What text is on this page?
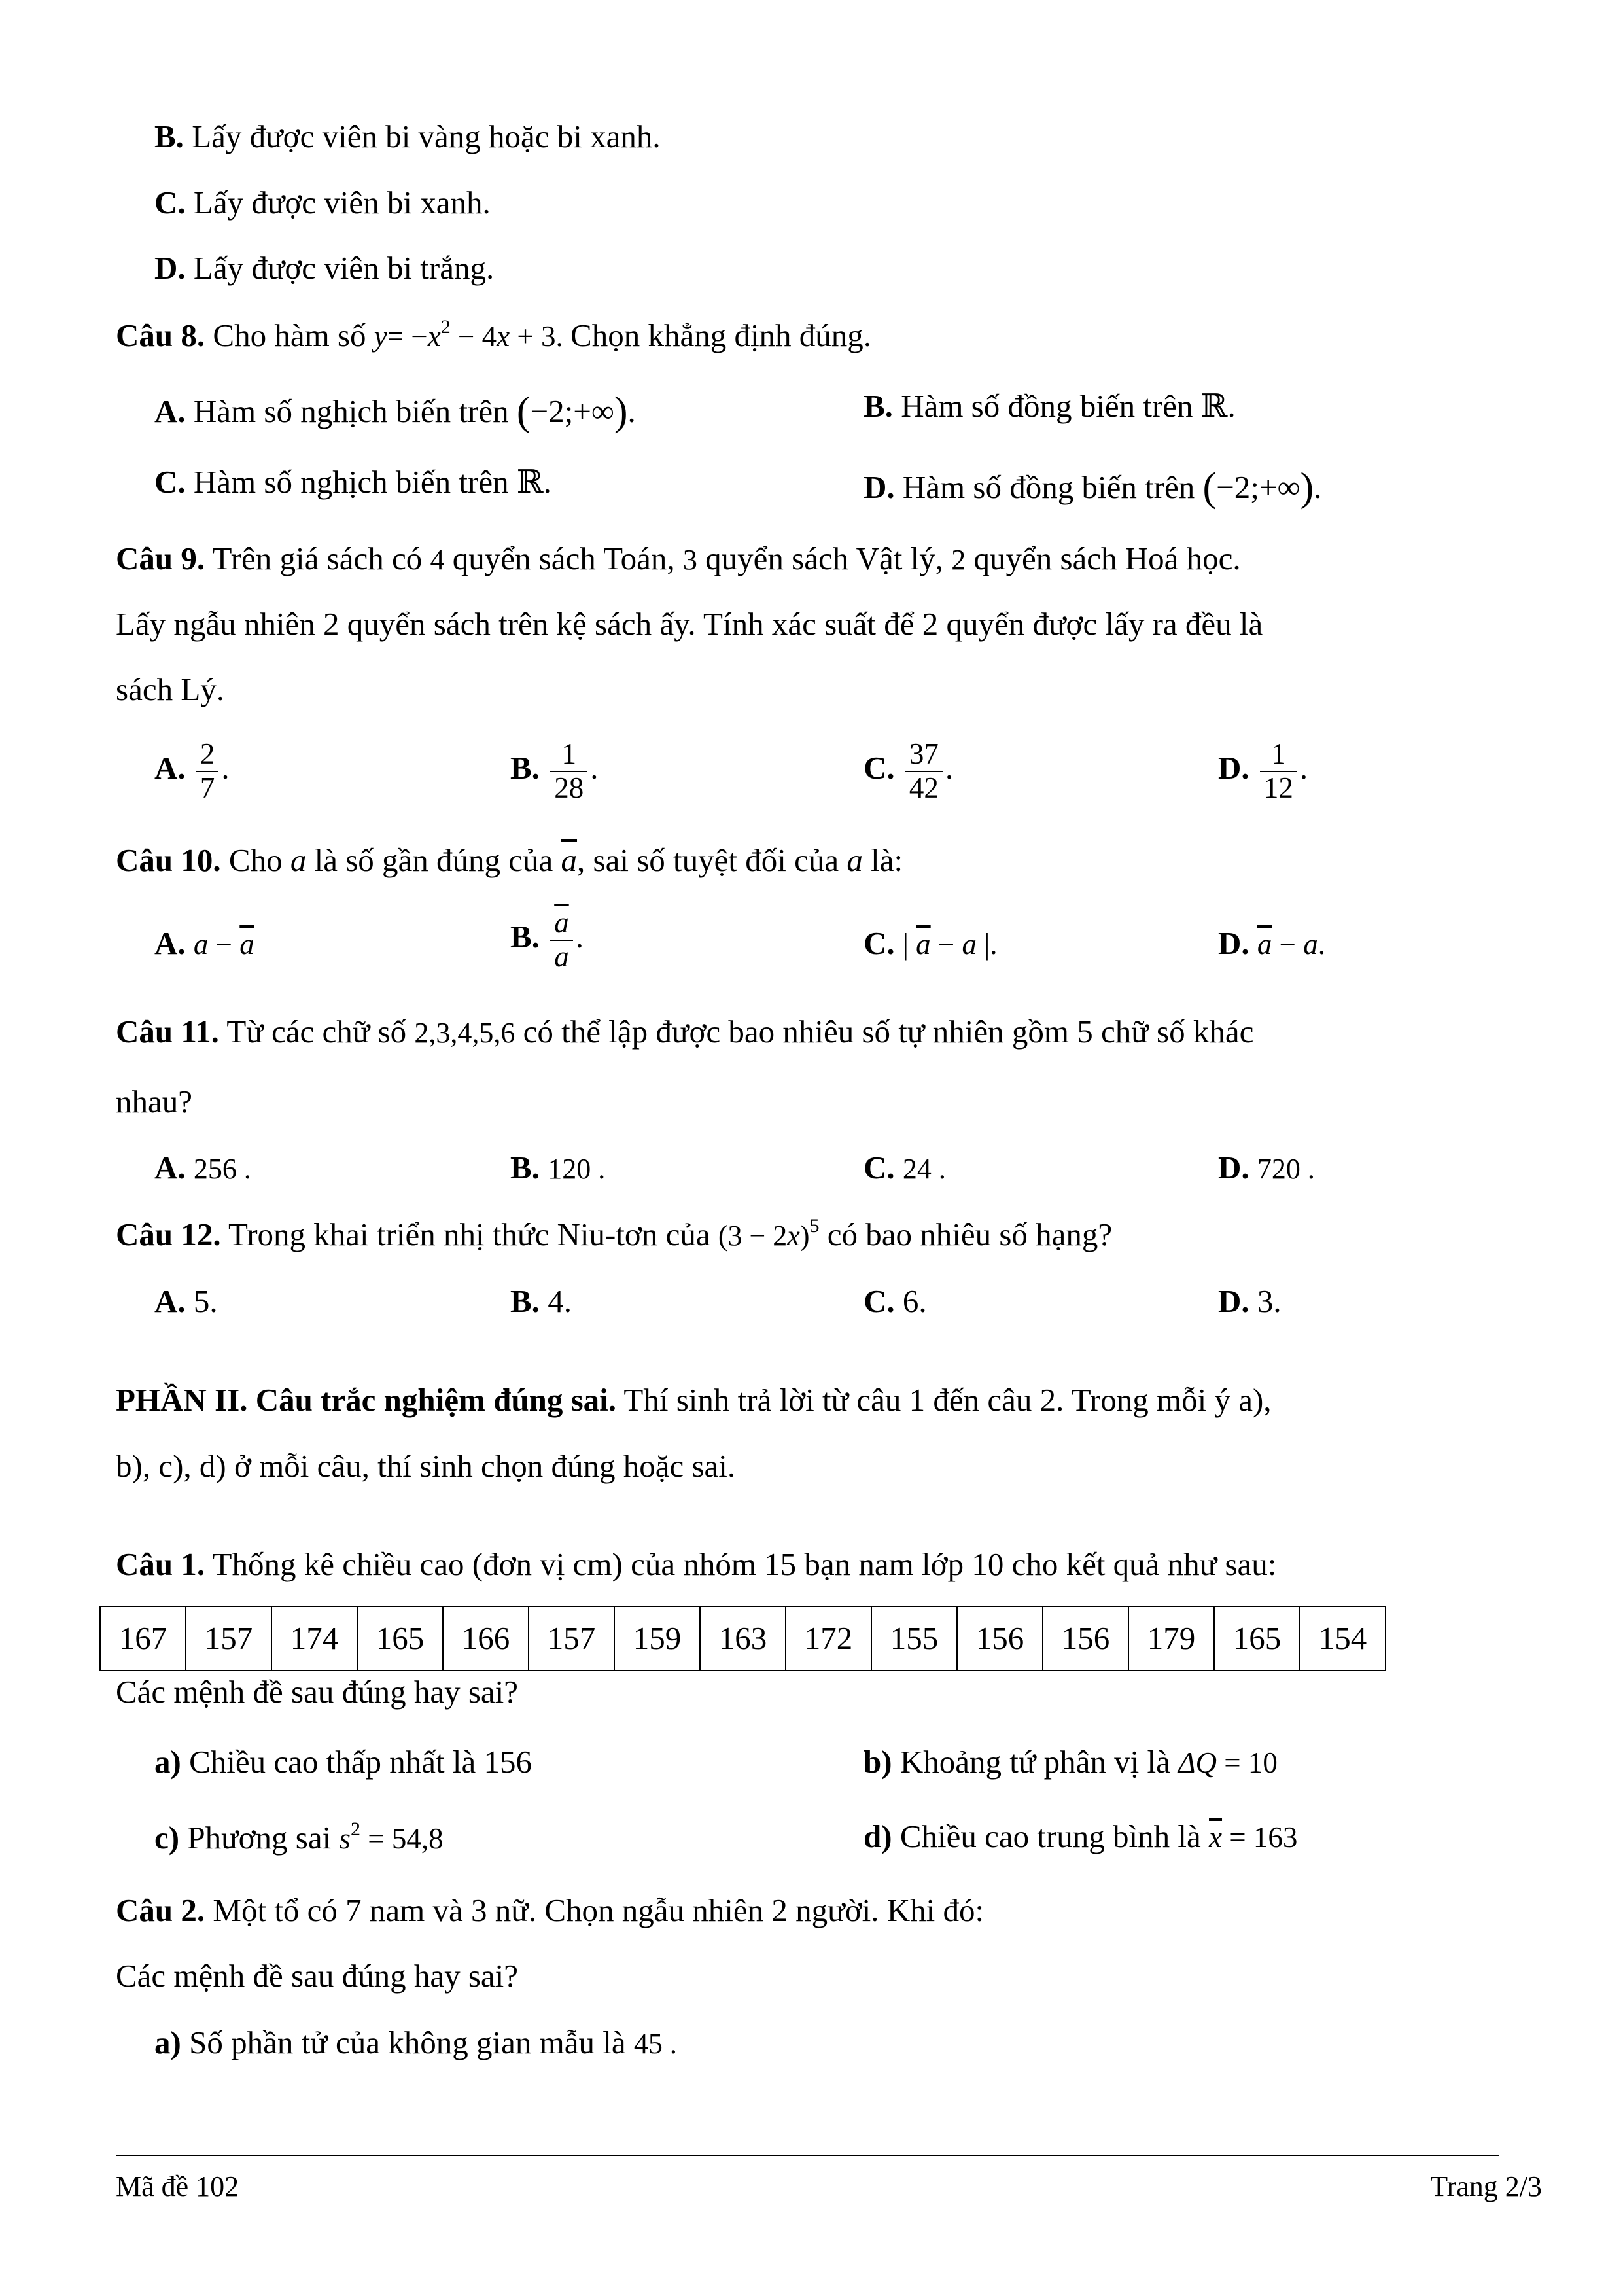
B. Lấy được viên bi vàng hoặc bi xanh.
C. Lấy được viên bi xanh.
D. Lấy được viên bi trắng.
Câu 8. Cho hàm số $y= -x^2 - 4x + 3$. Chọn khẳng định đúng.
A. Hàm số nghịch biến trên (−2;+∞).	B. Hàm số đồng biến trên ℝ.
C. Hàm số nghịch biến trên ℝ.	D. Hàm số đồng biến trên (−2;+∞).
Câu 9. Trên giá sách có 4 quyển sách Toán, 3 quyển sách Vật lý, 2 quyển sách Hoá học.
Lấy ngẫu nhiên 2 quyển sách trên kệ sách ấy. Tính xác suất để 2 quyển được lấy ra đều là
sách Lý.
A. $\frac{2}{7}$ .	B. $\frac{1}{28}$ .	C. $\frac{37}{42}$ .	D. $\frac{1}{12}$ .
Câu 10. Cho a là số gần đúng của $\overline{a}$, sai số tuyệt đối của a là:
A. $a - \overline{a}$	B. $\frac{\overline{a}}{a}$ .	C. | $\overline{a} - a$ |.	D. $\overline{a} - a$.
Câu 11. Từ các chữ số 2,3,4,5,6 có thể lập được bao nhiêu số tự nhiên gồm 5 chữ số khác
nhau?
A. 256 .	B. 120 .	C. 24 .	D. 720 .
Câu 12. Trong khai triển nhị thức Niu-tơn của $(3 - 2x)^5$ có bao nhiêu số hạng?
A. 5.	B. 4.	C. 6.	D. 3.
PHẦN II. Câu trắc nghiệm đúng sai. Thí sinh trả lời từ câu 1 đến câu 2. Trong mỗi ý a),
b), c), d) ở mỗi câu, thí sinh chọn đúng hoặc sai.
Câu 1. Thống kê chiều cao (đơn vị cm) của nhóm 15 bạn nam lớp 10 cho kết quả như sau:
167	157	174	165	166	157	159	163	172	155	156	156	179	165	154
Các mệnh đề sau đúng hay sai?
a) Chiều cao thấp nhất là 156	b) Khoảng tứ phân vị là ΔQ = 10
c) Phương sai $s^2 = 54,8$	d) Chiều cao trung bình là $\overline{x} = 163$
Câu 2. Một tổ có 7 nam và 3 nữ. Chọn ngẫu nhiên 2 người. Khi đó:
Các mệnh đề sau đúng hay sai?
a) Số phần tử của không gian mẫu là 45 .
Mã đề 102	Trang 2/3
